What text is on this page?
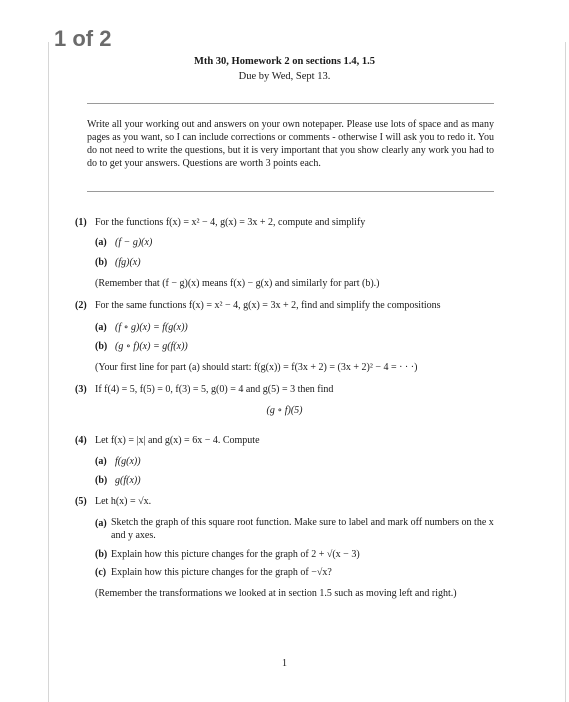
1 of 2
Mth 30, Homework 2 on sections 1.4, 1.5
Due by Wed, Sept 13.
Write all your working out and answers on your own notepaper. Please use lots of space and as many pages as you want, so I can include corrections or comments - otherwise I will ask you to redo it. You do not need to write the questions, but it is very important that you show clearly any work you had to do to get your answers. Questions are worth 3 points each.
(1) For the functions f(x) = x² − 4, g(x) = 3x + 2, compute and simplify
(a) (f − g)(x)
(b) (fg)(x)
(Remember that (f − g)(x) means f(x) − g(x) and similarly for part (b).)
(2) For the same functions f(x) = x² − 4, g(x) = 3x + 2, find and simplify the compositions
(a) (f ∘ g)(x) = f(g(x))
(b) (g ∘ f)(x) = g(f(x))
(Your first line for part (a) should start: f(g(x)) = f(3x + 2) = (3x + 2)² − 4 = · · ·)
(3) If f(4) = 5, f(5) = 0, f(3) = 5, g(0) = 4 and g(5) = 3 then find
(g ∘ f)(5)
(4) Let f(x) = |x| and g(x) = 6x − 4. Compute
(a) f(g(x))
(b) g(f(x))
(5) Let h(x) = √x.
(a) Sketch the graph of this square root function. Make sure to label and mark off numbers on the x and y axes.
(b) Explain how this picture changes for the graph of 2 + √(x − 3)
(c) Explain how this picture changes for the graph of −√x?
(Remember the transformations we looked at in section 1.5 such as moving left and right.)
1
